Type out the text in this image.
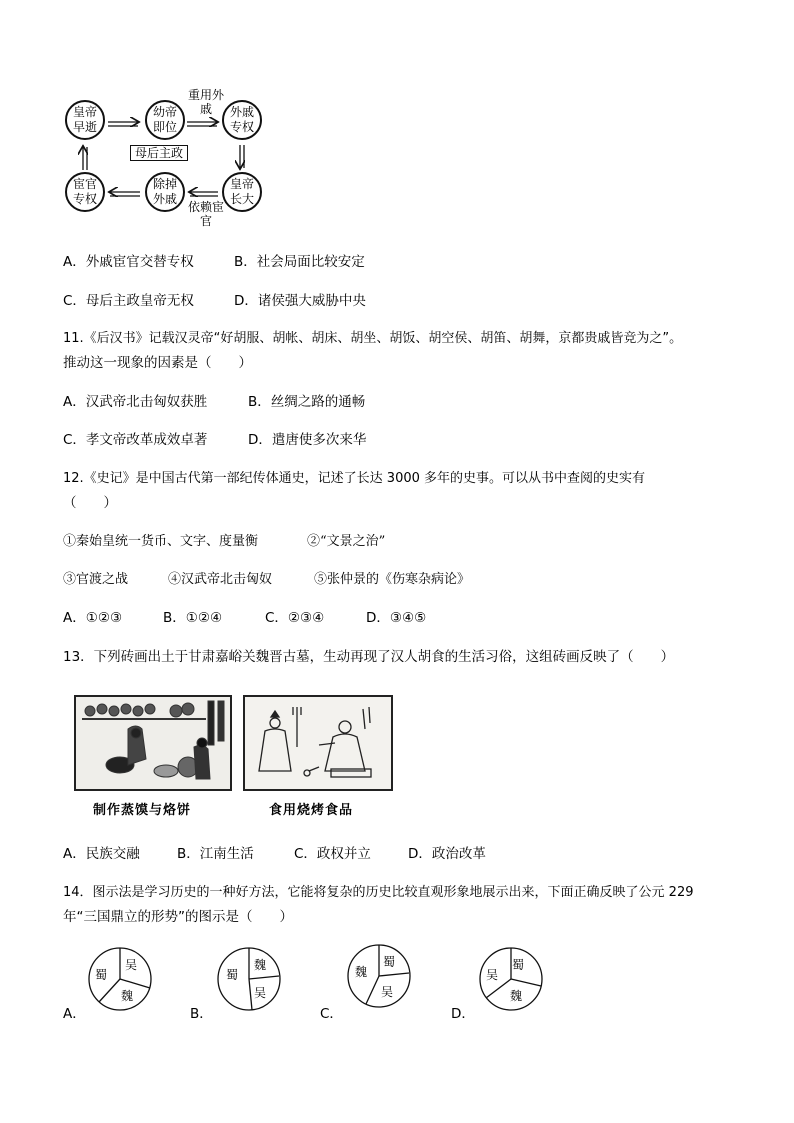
皇帝早逝
幼帝即位
外戚专权
皇帝长大
除掉外戚
宦官专权
母后主政
重用外戚
依赖宦官
A．外戚宦官交替专权	B．社会局面比较安定
C．母后主政皇帝无权	D．诸侯强大威胁中央
11.《后汉书》记载汉灵帝“好胡服、胡帐、胡床、胡坐、胡饭、胡空侯、胡笛、胡舞，京都贵戚皆竞为之”。
推动这一现象的因素是（　　）
A．汉武帝北击匈奴获胜	B．丝绸之路的通畅
C．孝文帝改革成效卓著	D．遣唐使多次来华
12.《史记》是中国古代第一部纪传体通史，记述了长达 3000 多年的史事。可以从书中查阅的史实有
（　　）
①秦始皇统一货币、文字、度量衡	②“文景之治”
③官渡之战	④汉武帝北击匈奴	⑤张仲景的《伤寒杂病论》
A．①②③	B．①②④	C．②③④	D．③④⑤
13．下列砖画出土于甘肃嘉峪关魏晋古墓，生动再现了汉人胡食的生活习俗，这组砖画反映了（　　）
制作蒸馍与烙饼	食用烧烤食品
A．民族交融	B．江南生活	C．政权并立	D．政治改革
14．图示法是学习历史的一种好方法，它能将复杂的历史比较直观形象地展示出来，下面正确反映了公元 229
年“三国鼎立的形势”的图示是（　　）
A．
蜀
吴
魏
B．
蜀
魏
吴
C．
魏
蜀
吴
D．
吴
蜀
魏
